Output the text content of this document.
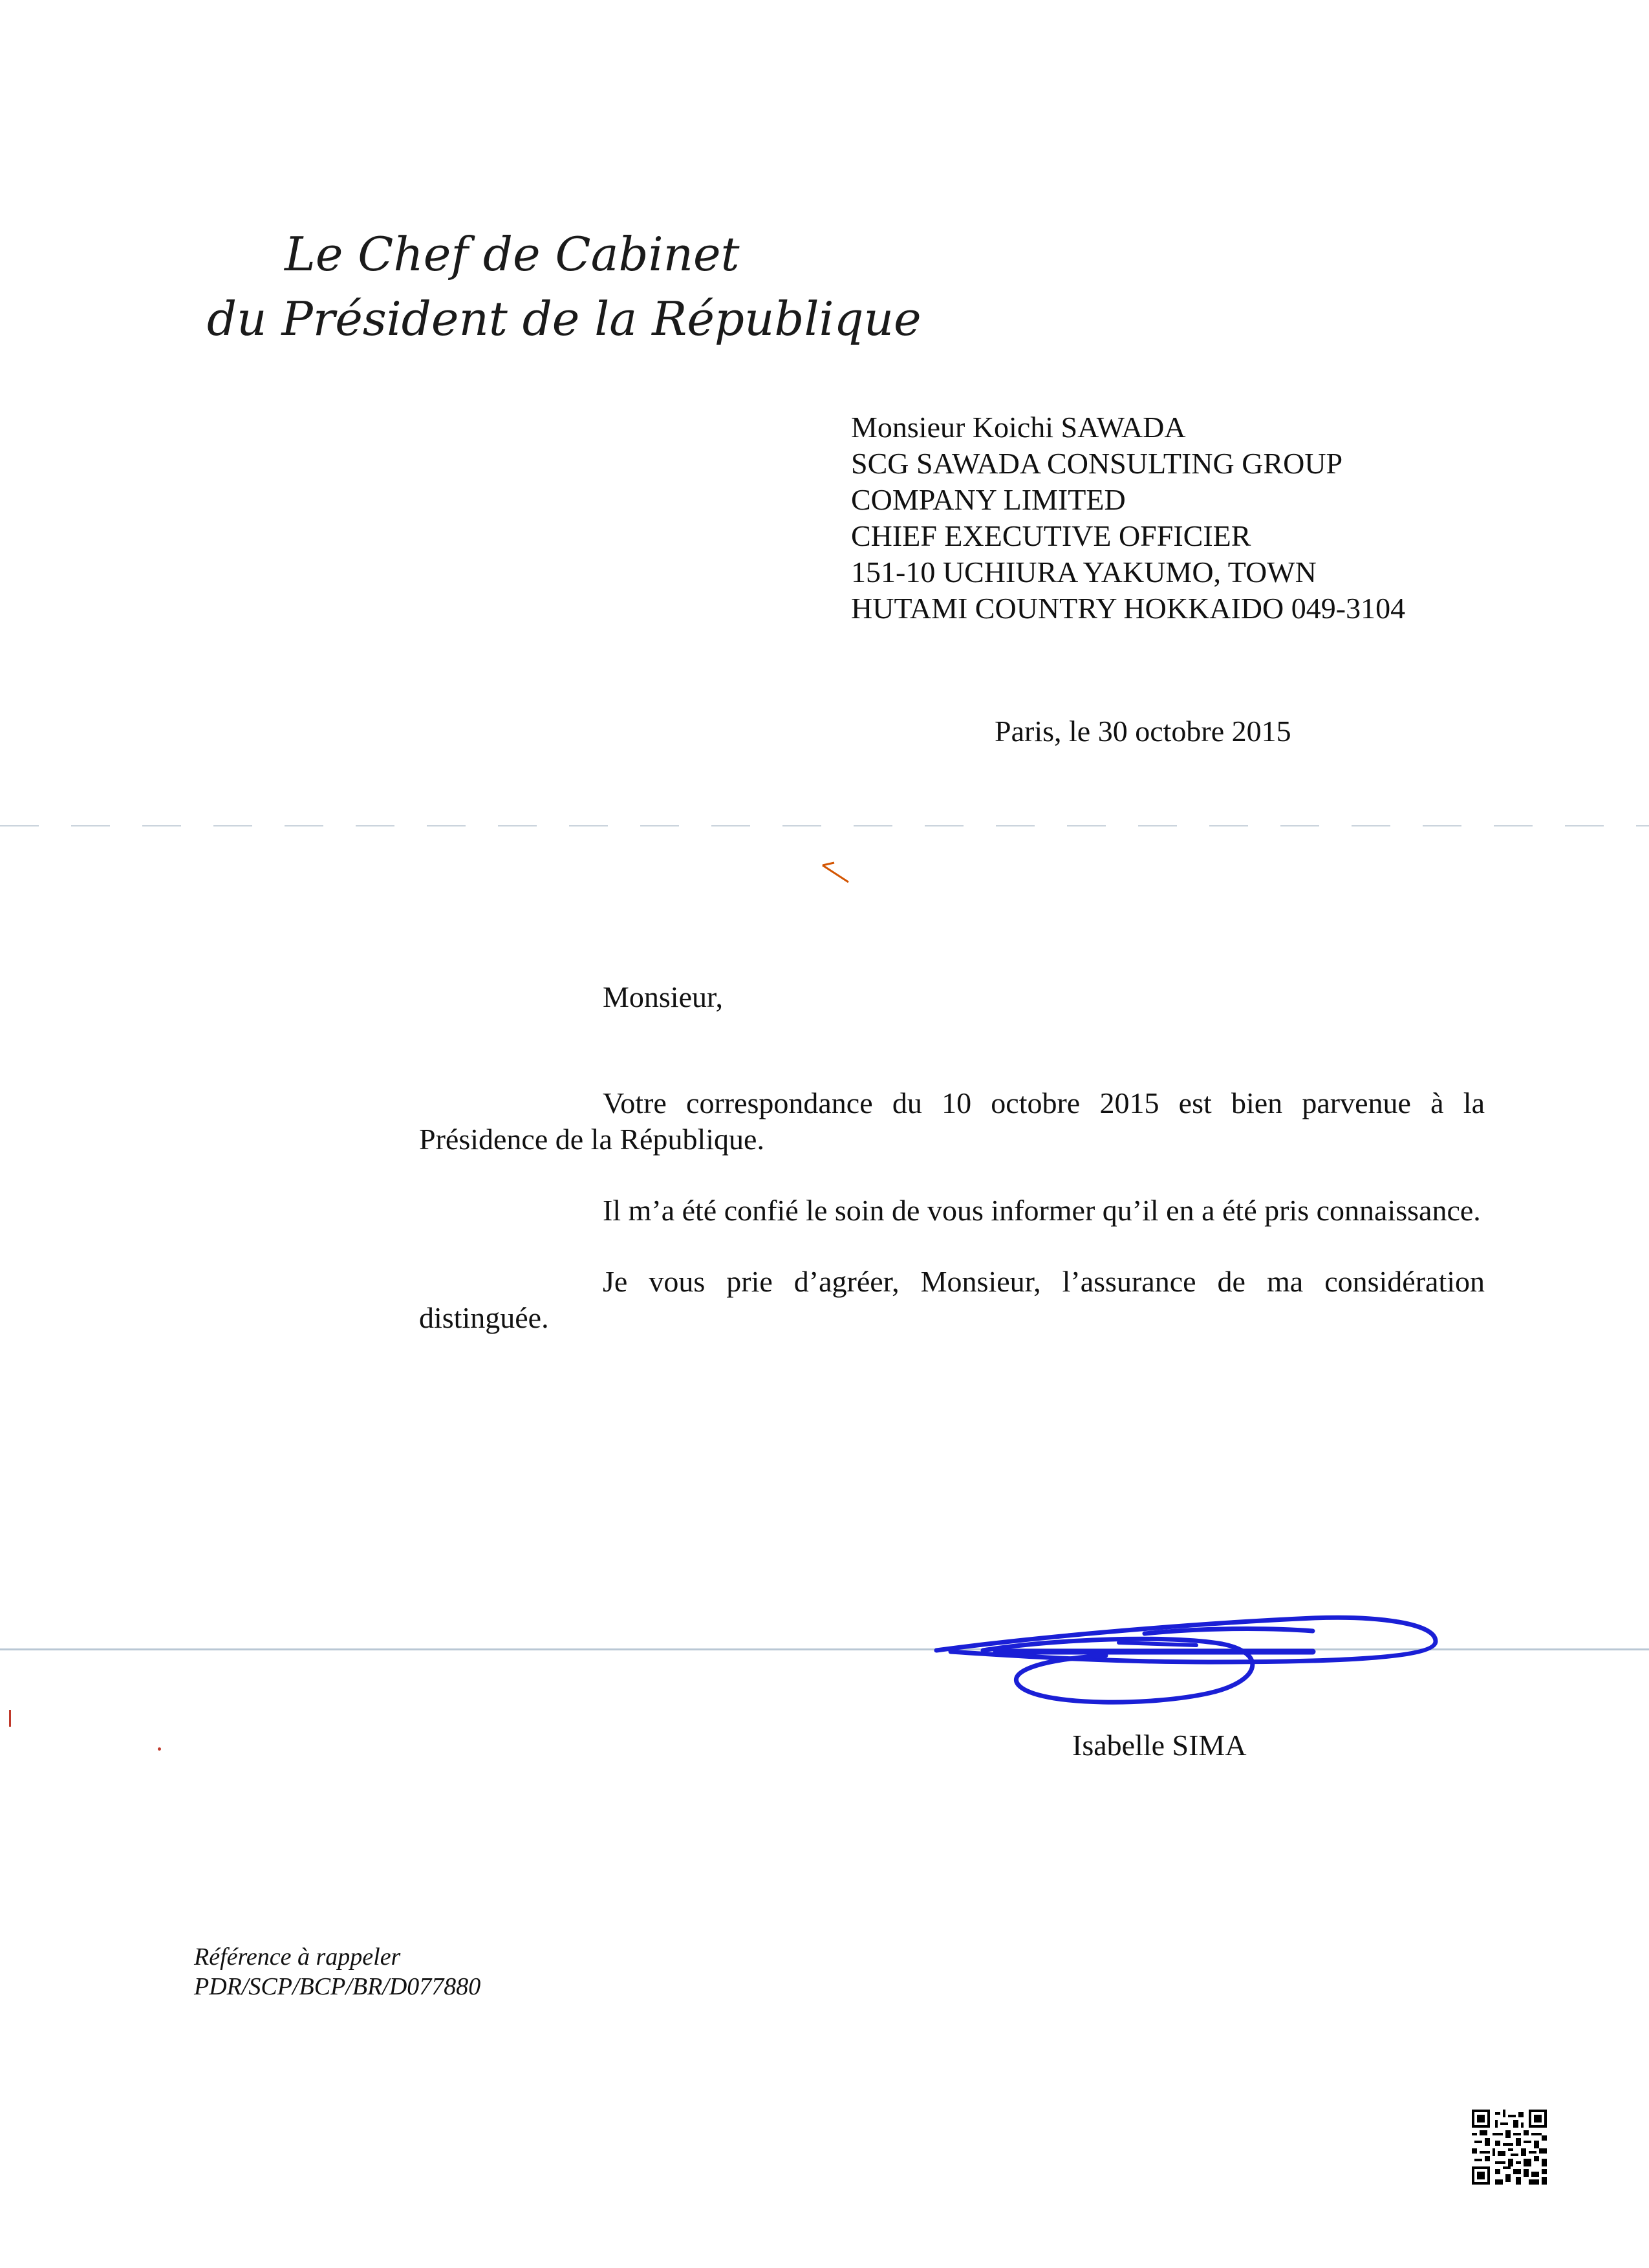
Le Chef de Cabinet
du Président de la République
Monsieur Koichi SAWADA
SCG SAWADA CONSULTING GROUP
COMPANY LIMITED
CHIEF EXECUTIVE OFFICIER
151-10 UCHIURA YAKUMO, TOWN
HUTAMI COUNTRY HOKKAIDO 049-3104
Paris, le 30 octobre 2015
Monsieur,

Votre correspondance du 10 octobre 2015 est bien parvenue à la Présidence de la République.

Il m’a été confié le soin de vous informer qu’il en a été pris connaissance.

Je vous prie d’agréer, Monsieur, l’assurance de ma considération distinguée.

Isabelle SIMA
Référence à rappeler
PDR/SCP/BCP/BR/D077880
